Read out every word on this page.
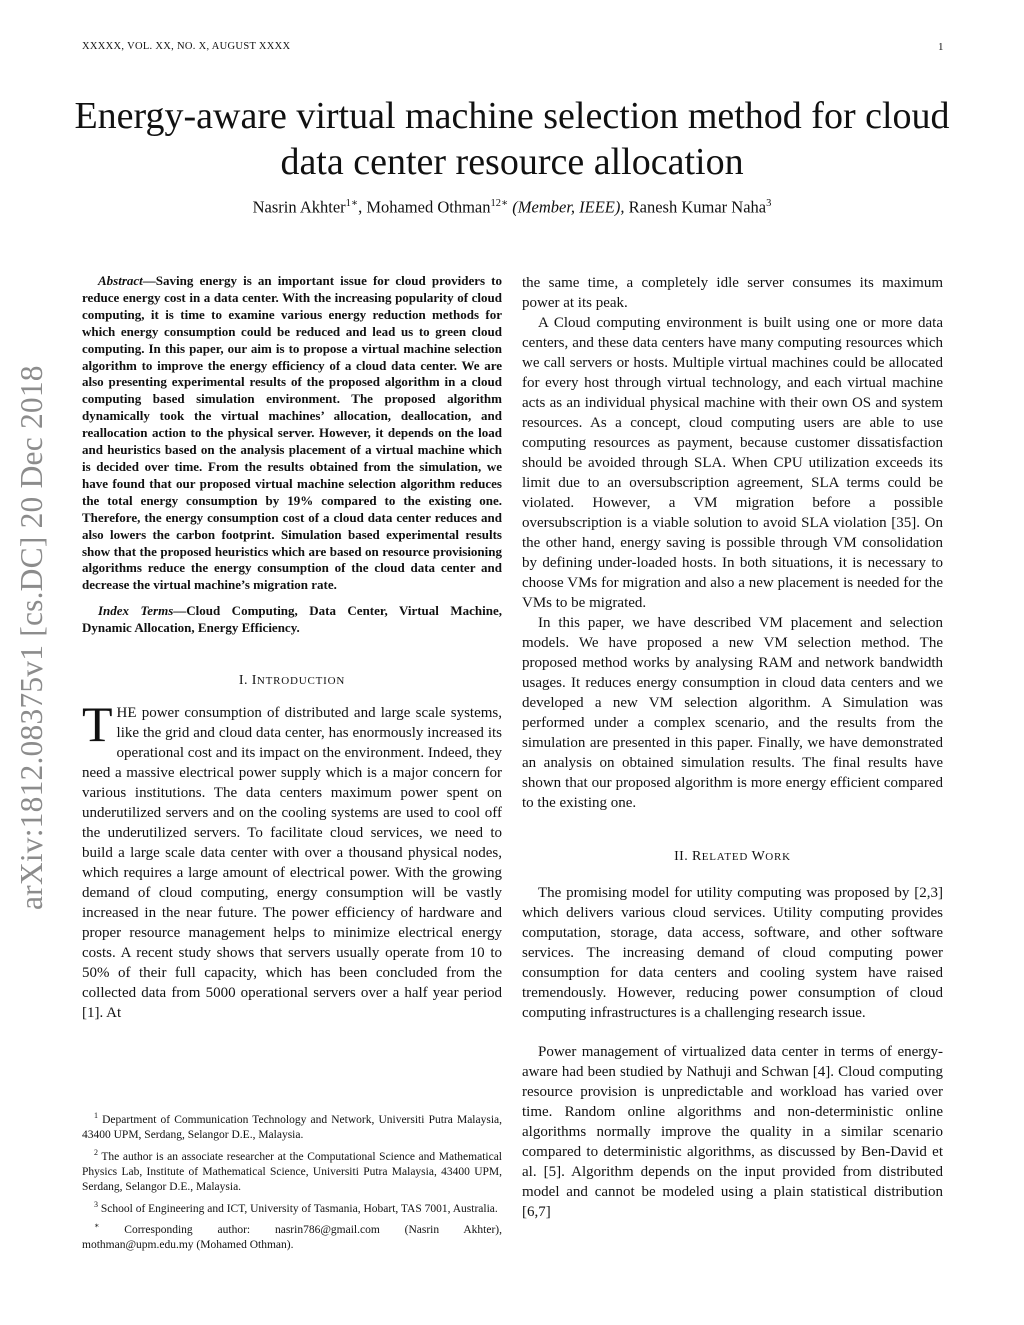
XXXXX, VOL. XX, NO. X, AUGUST XXXX	1
Energy-aware virtual machine selection method for cloud data center resource allocation
Nasrin Akhter$^{1∗}$, Mohamed Othman$^{12∗}$ (Member, IEEE), Ranesh Kumar Naha$^3$
arXiv:1812.08375v1 [cs.DC] 20 Dec 2018

Abstract—Saving energy is an important issue for cloud providers to reduce energy cost in a data center. With the increasing popularity of cloud computing, it is time to examine various energy reduction methods for which energy consumption could be reduced and lead us to green cloud computing. In this paper, our aim is to propose a virtual machine selection algorithm to improve the energy efficiency of a cloud data center. We are also presenting experimental results of the proposed algorithm in a cloud computing based simulation environment. The proposed algorithm dynamically took the virtual machines’ allocation, deallocation, and reallocation action to the physical server. However, it depends on the load and heuristics based on the analysis placement of a virtual machine which is decided over time. From the results obtained from the simulation, we have found that our proposed virtual machine selection algorithm reduces the total energy consumption by 19% compared to the existing one. Therefore, the energy consumption cost of a cloud data center reduces and also lowers the carbon footprint. Simulation based experimental results show that the proposed heuristics which are based on resource provisioning algorithms reduce the energy consumption of the cloud data center and decrease the virtual machine’s migration rate.

Index Terms—Cloud Computing, Data Center, Virtual Machine, Dynamic Allocation, Energy Efficiency.

I. INTRODUCTION

THE power consumption of distributed and large scale systems, like the grid and cloud data center, has enormously increased its operational cost and its impact on the environment. Indeed, they need a massive electrical power supply which is a major concern for various institutions. The data centers maximum power spent on underutilized servers and on the cooling systems are used to cool off the underutilized servers. To facilitate cloud services, we need to build a large scale data center with over a thousand physical nodes, which requires a large amount of electrical power. With the growing demand of cloud computing, energy consumption will be vastly increased in the near future. The power efficiency of hardware and proper resource management helps to minimize electrical energy costs. A recent study shows that servers usually operate from 10 to 50% of their full capacity, which has been concluded from the collected data from 5000 operational servers over a half year period [1]. At

$^1$ Department of Communication Technology and Network, Universiti Putra Malaysia, 43400 UPM, Serdang, Selangor D.E., Malaysia.

$^2$ The author is an associate researcher at the Computational Science and Mathematical Physics Lab, Institute of Mathematical Science, Universiti Putra Malaysia, 43400 UPM, Serdang, Selangor D.E., Malaysia.

$^3$ School of Engineering and ICT, University of Tasmania, Hobart, TAS 7001, Australia.

∗ Corresponding author: nasrin786@gmail.com (Nasrin Akhter), mothman@upm.edu.my (Mohamed Othman).

the same time, a completely idle server consumes its maximum power at its peak.

A Cloud computing environment is built using one or more data centers, and these data centers have many computing resources which we call servers or hosts. Multiple virtual machines could be allocated for every host through virtual technology, and each virtual machine acts as an individual physical machine with their own OS and system resources. As a concept, cloud computing users are able to use computing resources as payment, because customer dissatisfaction should be avoided through SLA. When CPU utilization exceeds its limit due to an oversubscription agreement, SLA terms could be violated. However, a VM migration before a possible oversubscription is a viable solution to avoid SLA violation [35]. On the other hand, energy saving is possible through VM consolidation by defining under-loaded hosts. In both situations, it is necessary to choose VMs for migration and also a new placement is needed for the VMs to be migrated.

In this paper, we have described VM placement and selection models. We have proposed a new VM selection method. The proposed method works by analysing RAM and network bandwidth usages. It reduces energy consumption in cloud data centers and we developed a new VM selection algorithm. A Simulation was performed under a complex scenario, and the results from the simulation are presented in this paper. Finally, we have demonstrated an analysis on obtained simulation results. The final results have shown that our proposed algorithm is more energy efficient compared to the existing one.

II. RELATED WORK

The promising model for utility computing was proposed by [2,3] which delivers various cloud services. Utility computing provides computation, storage, data access, software, and other software services. The increasing demand of cloud computing power consumption for data centers and cooling system have raised tremendously. However, reducing power consumption of cloud computing infrastructures is a challenging research issue.

Power management of virtualized data center in terms of energy-aware had been studied by Nathuji and Schwan [4]. Cloud computing resource provision is unpredictable and workload has varied over time. Random online algorithms and non-deterministic online algorithms normally improve the quality in a similar scenario compared to deterministic algorithms, as discussed by Ben-David et al. [5]. Algorithm depends on the input provided from distributed model and cannot be modeled using a plain statistical distribution [6,7]
